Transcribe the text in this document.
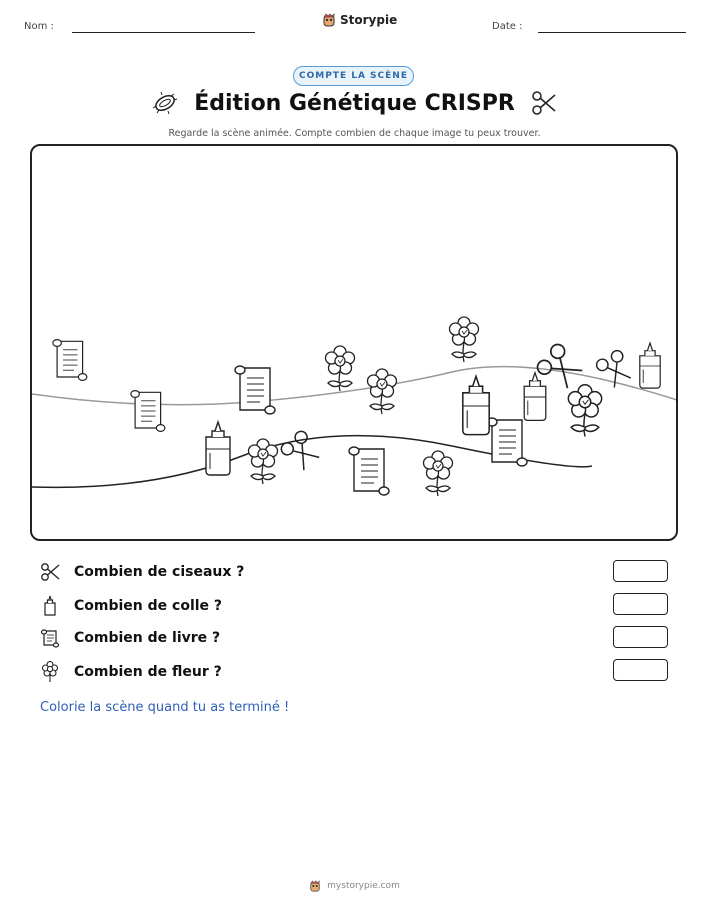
Nom :	Storypie	Date :
COMPTE LA SCÈNE
Édition Génétique CRISPR
Regarde la scène animée. Compte combien de chaque image tu peux trouver.
Combien de ciseaux ?
Combien de colle ?
Combien de livre ?
Combien de fleur ?
Colorie la scène quand tu as terminé !
mystorypie.com
